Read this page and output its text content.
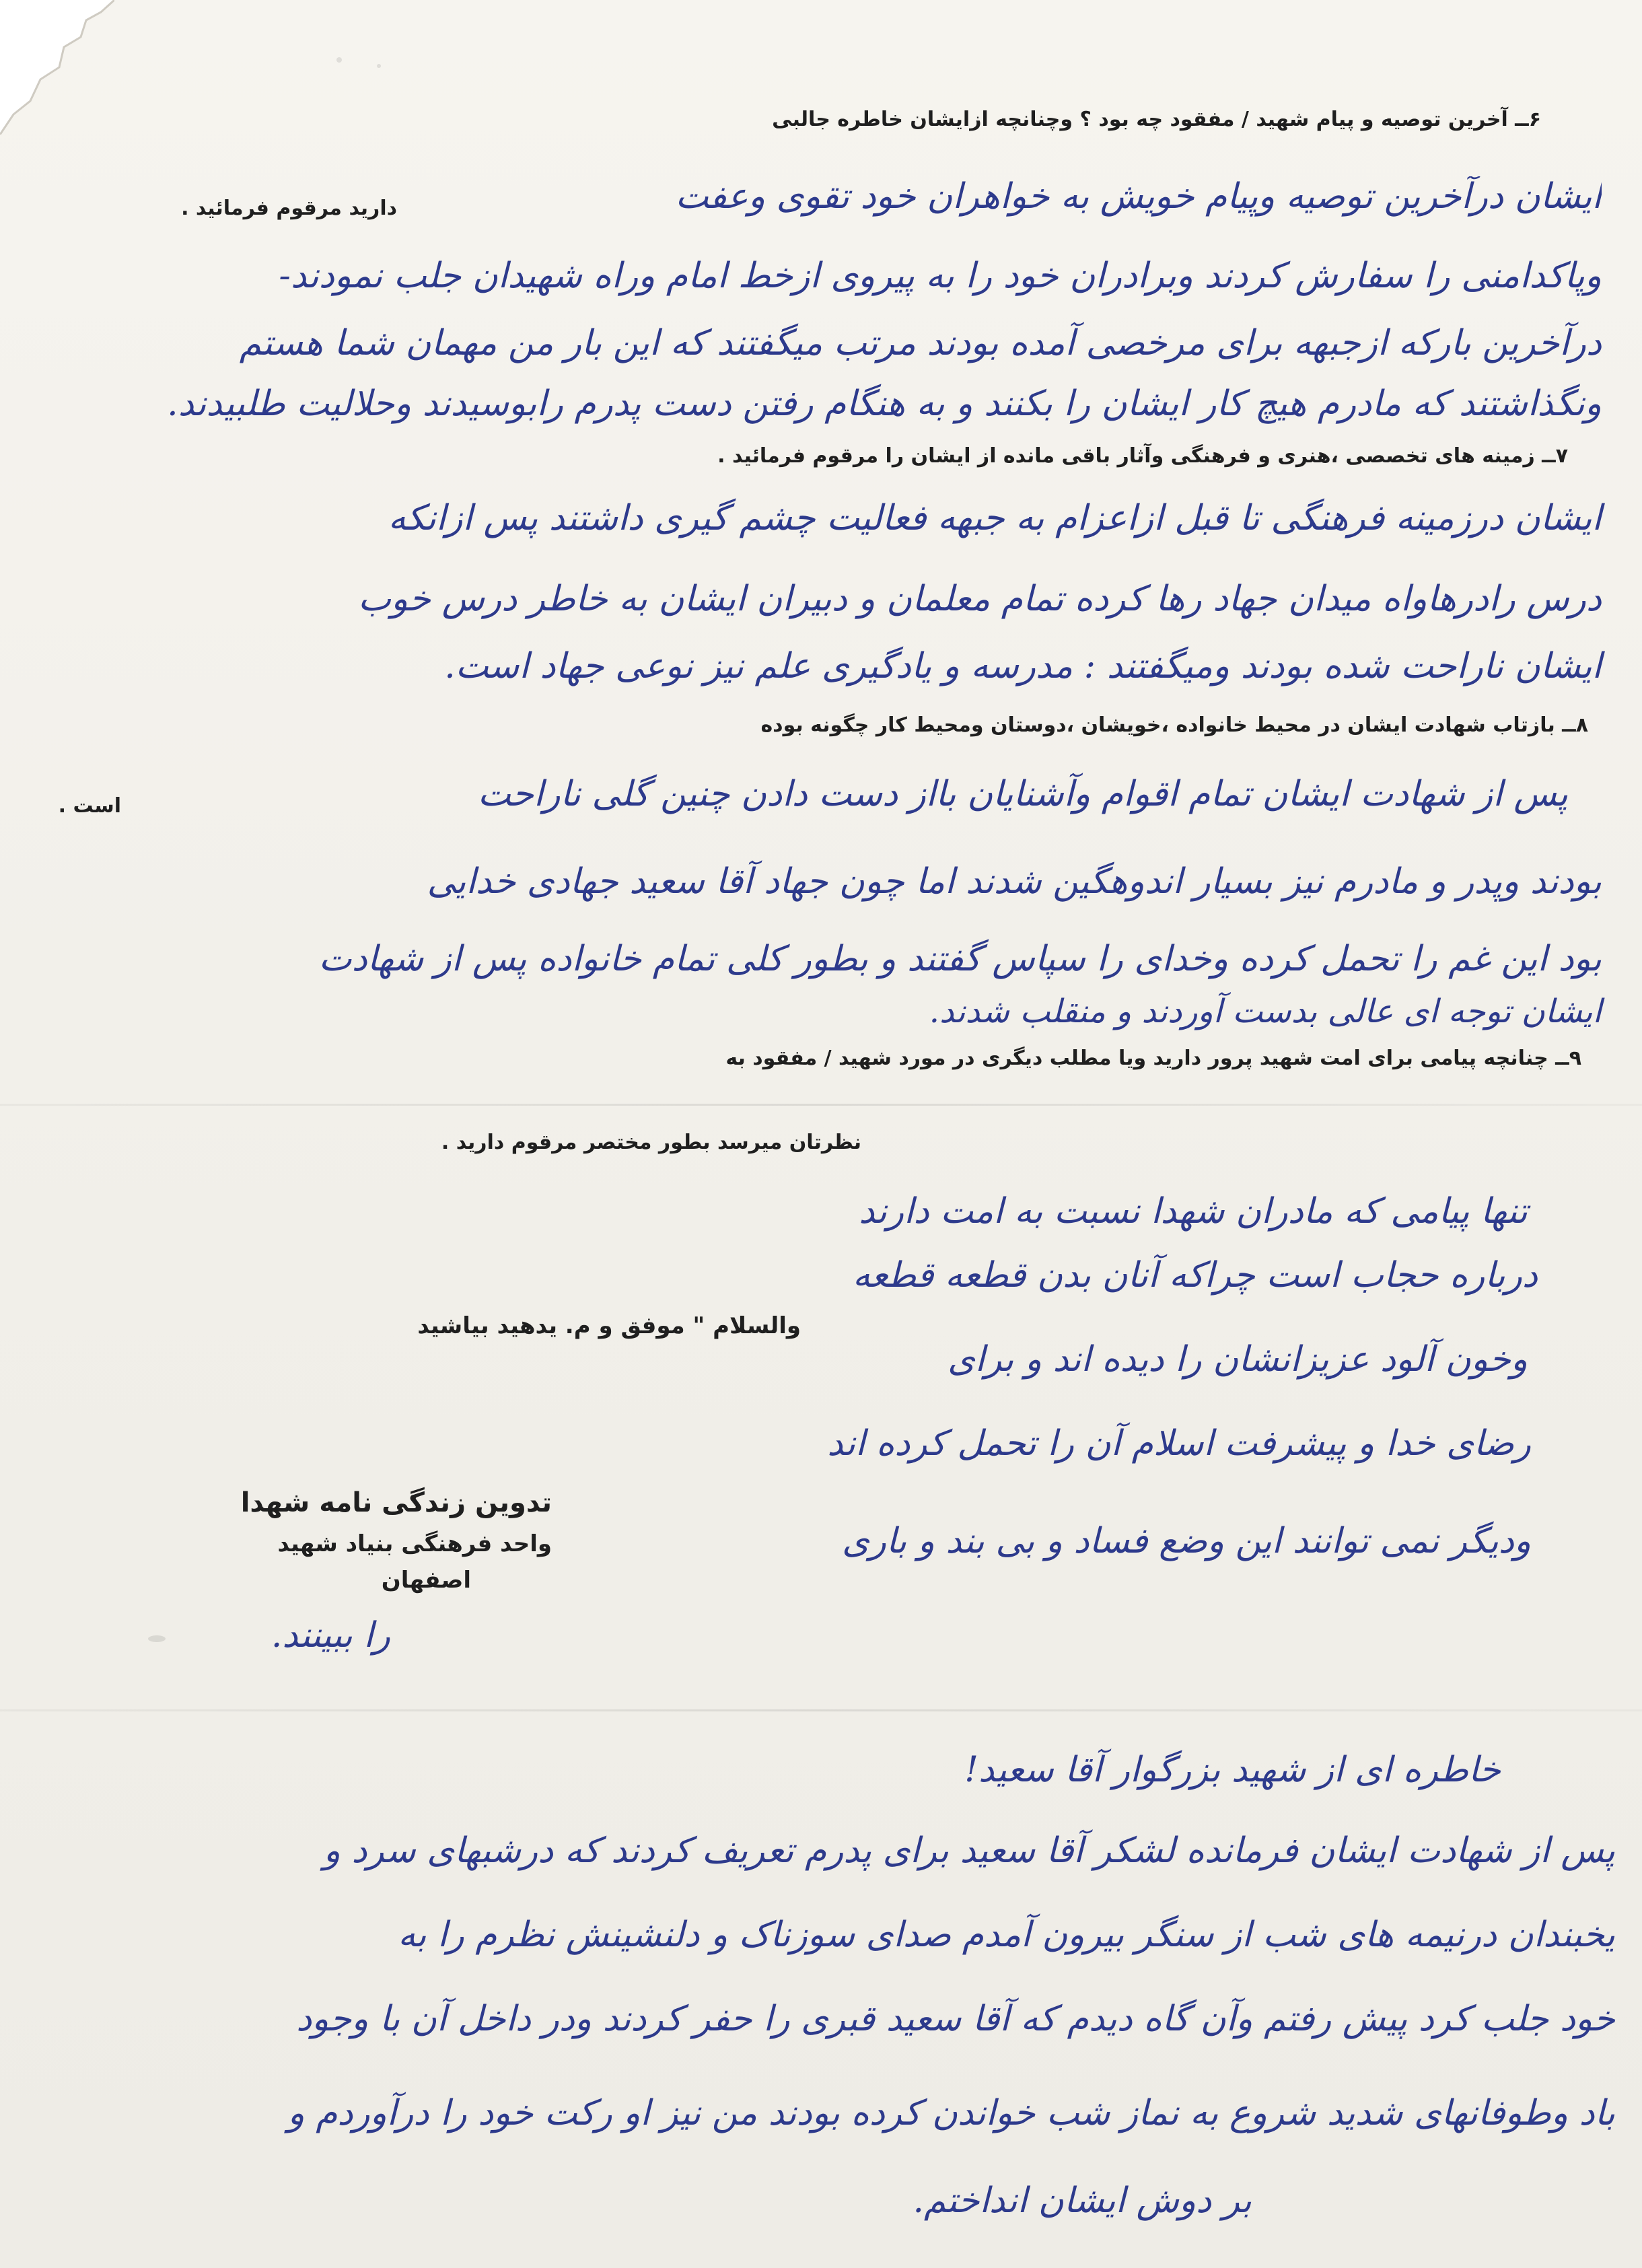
۶ــ آخرین توصیه و پیام شهید / مفقود چه بود ؟ وچنانچه ازایشان خاطره جالبی
دارید مرقوم فرمائید .	ایشان درآخرین توصیه وپیام خویش به خواهران خود تقوی وعفت
وپاکدامنی را سفارش کردند وبرادران خود را به پیروی ازخط امام وراه شهیدان جلب نمودند-
درآخرین بارکه ازجبهه برای مرخصی آمده بودند مرتب میگفتند که این بار من مهمان شما هستم
ونگذاشتند که مادرم هیچ کار ایشان را بکنند و به هنگام رفتن دست پدرم رابوسیدند وحلالیت طلبیدند.
۷ــ زمینه های تخصصی ،هنری و فرهنگی وآثار باقی مانده از ایشان را مرقوم فرمائید .
ایشان درزمینه فرهنگی تا قبل ازاعزام به جبهه فعالیت چشم گیری داشتند پس ازانکه
درس رادرهاواه میدان جهاد رها کرده تمام معلمان و دبیران ایشان به خاطر درس خوب
ایشان ناراحت شده بودند ومیگفتند : مدرسه و یادگیری علم نیز نوعی جهاد است.
۸ــ بازتاب شهادت ایشان در محیط خانواده ،خویشان ،دوستان ومحیط کار چگونه بوده
است .	پس از شهادت ایشان تمام اقوام وآشنایان بااز دست دادن چنین گلی ناراحت
بودند وپدر و مادرم نیز بسیار اندوهگین شدند اما چون جهاد آقا سعید جهادی خدایی
بود این غم را تحمل کرده وخدای را سپاس گفتند و بطور کلی تمام خانواده پس از شهادت
ایشان توجه ای عالی بدست آوردند و منقلب شدند.
۹ــ چنانچه پیامی برای امت شهید پرور دارید ویا مطلب دیگری در مورد شهید / مفقود به
نظرتان میرسد بطور مختصر مرقوم دارید .
تنها پیامی که مادران شهدا نسبت به امت دارند
درباره حجاب است چراکه آنان بدن قطعه قطعه
وخون آلود عزیزانشان را دیده اند و برای
رضای خدا و پیشرفت اسلام آن را تحمل کرده اند
ودیگر نمی توانند این وضع فساد و بی بند و باری
را ببینند.
والسلام " موفق و م. یدهید بیاشید
تدوین زندگی نامه شهدا
واحد فرهنگی بنیاد شهید
اصفهان
خاطره ای از شهید بزرگوار آقا سعید!
پس از شهادت ایشان فرمانده لشکر آقا سعید برای پدرم تعریف کردند که درشبهای سرد و
یخبندان درنیمه های شب از سنگر بیرون آمدم صدای سوزناک و دلنشینش نظرم را به
خود جلب کرد پیش رفتم وآن گاه دیدم که آقا سعید قبری را حفر کردند ودر داخل آن با وجود
باد وطوفانهای شدید شروع به نماز شب خواندن کرده بودند من نیز او رکت خود را درآوردم و
بر دوش ایشان انداختم.
